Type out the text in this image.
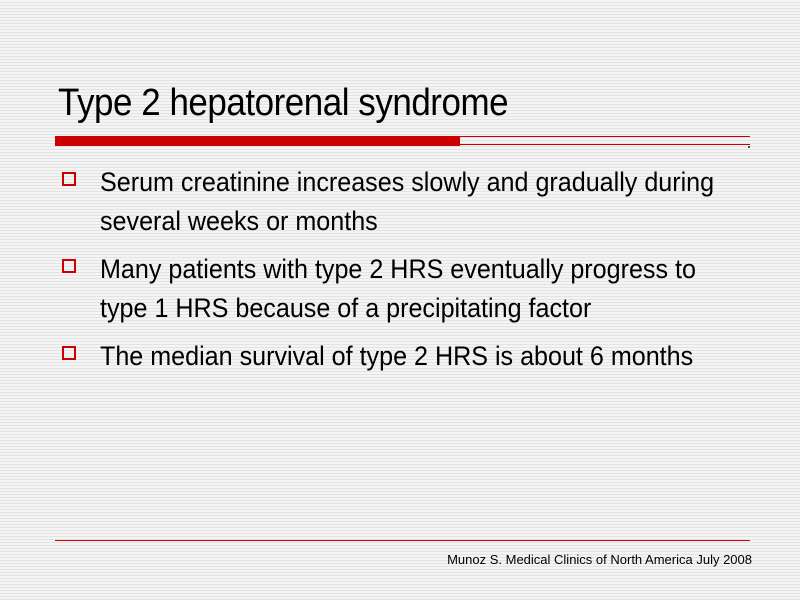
Type 2 hepatorenal syndrome
Serum creatinine increases slowly and gradually during several weeks or months
Many patients with type 2 HRS eventually progress to type 1 HRS because of a precipitating factor
The median survival of type 2 HRS is about 6 months
Munoz S. Medical Clinics of North America July 2008
